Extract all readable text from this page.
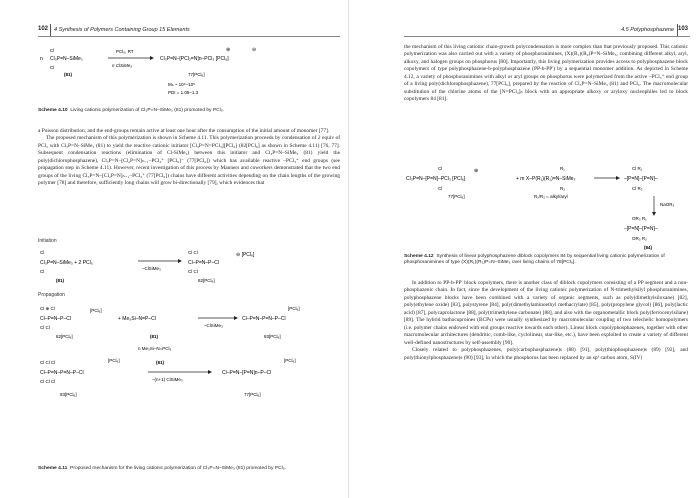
102 4 Synthesis of Polymers Containing Group 15 Elements
n Cl₃P=N–SiMe₃
Cl
Cl
PCl₅, RT
n ClSiMe₃
(81)
Cl₃P=N–[PCl₂=N]n–PCl₃ [PCl₆]
⊕	⊖
77[PCl₆]
Mₙ ~ 10⁴–10⁵
PDI = 1.05–1.3
Scheme 4.10 Living cationic polymerization of Cl₃P=N–SiMe₃ (81) promoted by PCl₅.

a Poisson distribution, and the end-groups remain active at least one hour after the consumption of the initial amount of monomer [77].

The proposed mechanism of this polymerization is shown in Scheme 4.11. This polymerization proceeds by condensation of 2 equiv of PCl₅ with Cl₃P=N–SiMe₃ (81) to yield the reactive cationic initiator [Cl₃P=N=PCl₃][PCl₆] (82[PCl₆] as shown in Scheme 4.11) [76, 77]. Subsequent condensation reactions (elimination of Cl-SiMe₃) between this initiator and Cl₃P=N–SiMe₃ (81) yield the poly(dichlorophosphazene), Cl₃P=N–[Cl₂P=N]ₙ₋₁–PCl₃⁺ [PCl₆]⁻ (77[PCl₆]) which has available reactive –PCl₃⁺ end groups (see propagation step in Scheme 4.11). However, recent investigation of this process by Manners and coworkers demonstrated that the two end groups of the living Cl₃P=N–[Cl₂P=N]ₙ₋₁–PCl₃⁺ (77[PCl₆]) chains have different activities depending on the chain lengths of the growing polymer [78] and therefore, sufficiently long chains will grow bi-directionally [79], which evidences that

Initiation
Cl₃P=N–SiMe₃ + 2 PCl₅
Cl
Cl
–ClSiMe₃
Cl–P=N–P–Cl
Cl Cl
Cl Cl
⊖ [PCl₆]
(81)	82[PCl₆]
Propagation
Cl–P=N–P–Cl
Cl ⊕ Cl
Cl Cl
[PCl₆]
+ Me₃Si–N=P–Cl
–ClSiMe₃
Cl–P=N–P=N–P–Cl
[PCl₆]
82[PCl₆]	(81)	83[PCl₆]
n Me₃Si–N=PCl₃
Cl–P=N–P=N–P–Cl
Cl Cl Cl
Cl Cl Cl
[PCl₆]	(81)
–(n+1) ClSiMe₃
Cl–P=N–[P=N]n–P–Cl
[PCl₆]
83[PCl₆]	77[PCl₆]
Scheme 4.11 Proposed mechanism for the living cationic polymerization of Cl₃P=N–SiMe₃ (81) promoted by PCl₅.
4.5 Polyphosphazene 103

the mechanism of this living cationic chain-growth polycondensation is more complex than that previously proposed. This cationic polymerization was also carried out with a variety of phosphoranimines, (X)(R₁)(R₂)P=N–SiMe₃, combining different alkyl, aryl, alkoxy, and halogen groups on phosphorus [80]. Importantly, this living polymerization provides access to polyphosphazene block copolymers of type polyphosphazene-b-polyphosphazene (PP-b-PP′) by a sequential monomer addition. As depicted in Scheme 4.12, a variety of phosphoranimines with alkyl or aryl groups on phosphorus were polymerized from the active –PCl₃⁺ end group of a living poly(dichlorophosphazene), 77[PCl₆], prepared by the reaction of Cl₃P=N–SiMe₃ (81) and PCl₅. The macromolecular substitution of the chlorine atoms of the [N=PCl₂]ₙ block with an appropriate alkoxy or aryloxy nucleophiles led to block copolymers 84 [81].

Cl₃P=N–[P=N]–PCl₃ [PCl₆]
Cl
Cl
⊕
+ m X–P(R₁)(R₂)=N–SiMe₃
R₁
R₂
–[P=N]–[P=N]–
Cl R₁
Cl R₂
77[PCl₆]	R₁/R₂ = alkyl/aryl
NaOR₃
–[P=N]–[P=N]–
OR₃ R₁
OR₃ R₂
(84)
Scheme 4.12 Synthesis of linear polyphosphazene diblock copolymers 84 by sequential living cationic polymerization of phosphoranimines of type (X)(R₁)(R₂)P=N–SiMe₃ over living chains of 78[PCl₆].

In addition to PP-b-PP′ block copolymers, there is another class of diblock copolymers consisting of a PP segment and a non-phosphazenic chain. In fact, since the development of the living cationic polymerization of N-trimethylsilyl phosphoranimines, polyphosphazene blocks have been combined with a variety of organic segments, such as poly(dimethylsiloxane) [82], poly(ethylene oxide) [83], polystyrene [84], poly(dimethylaminoethyl methacrylate) [85], poly(propylene glycol) [86], poly(lactic acid) [87], polycaprolactone [88], poly(trimethylene carbonate) [88], and also with the organometallic block poly(ferrocenylsilane) [89]. The hybrid bathocuproines (BCPs) were usually synthesized by macromolecular coupling of two telechelic homopolymers (i.e. polymer chains endowed with end groups reactive towards each other). Linear block copolyphosphazenes, together with other macromolecular architectures (dendritic, comb-like, cyclolinear, star-like, etc.), have been exploited to create a variety of different well-defined nanostructures by self-assembly [90].

Closely related to polyphosphazenes, poly(carbophosphazene)s (88) [91], poly(thiophosphazene)s (89) [92], and poly(thionylphosphazene)s (90) [93], in which the phosphorus has been replaced by an sp³ carbon atom, S(IV)
